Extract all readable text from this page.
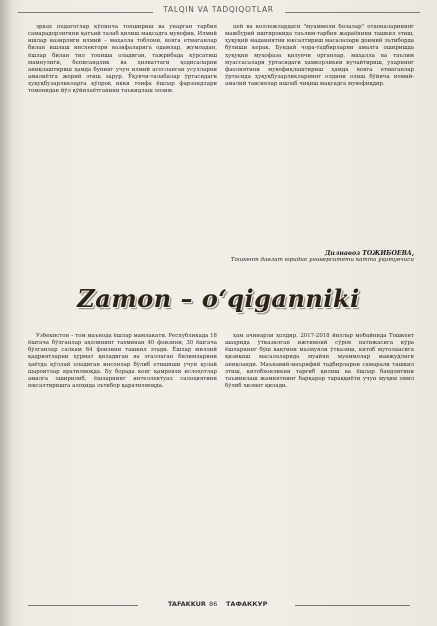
TALQIN VA TADQIQOTLAR

эрках педагоглар кўпинча топшириш ва унарган тарбия самарадорлигини қатъий талаб қилиш мақсадга мувофиқ. Илмий ишлар вазирлиги илмий – маҳалла тоблони, вояга етмаганлар билан ишлаш инспектори вазифаларига одамлар, жумладан, ёшлар билан тил топиша оладиган, тажрибада кўрсатиш мамнулиги, беписандлик ва ҳилваттаги ҳодисаларни аниқлаштириш ҳамда бунинг учун илмий асосланган усулларни амалиётга жорий этиш зарур. Ўқувчи-талабалар ўртасидаги ҳуқуқбузарликларга қўпроқ икки тоифа ёшлар фарзандлари томонидан йўл қўйилаётганини таъкидлаш лозим.

цей ва коллежлардаги "муаммоли болалар" отаоналарининг мажбурий иштирокида таълим-тарбия жараёнини ташкил этиш, ҳуқуқий маданиятни юксалтириш масалалари доимий эътиборда бўлиши керак. Бундай чора-тадбирларни амалга оширишда ҳуқуқни муҳофаза қилувчи органлар, маҳалла ва таълим муассасалари ўртасидаги ҳамкорликни кучайтириш, уларнинг фаолиятини мувофиқлаштириш ҳамда вояга етмаганлар ўртасида ҳуқуқбузарликларнинг олдини олиш бўйича илмий-амалий тавсиялар ишлаб чиқиш мақсадга мувофиқдир.

Дилнавоз ТОЖИБОЕВА,
Тошкент давлат юридик университети катта ўқитувчиси
Zamon – o‘qiganniki

Ўзбекистон – том маънода ёшлар мамлакати. Республикада 18 ёшгача бўлганлар аҳолининг тахминан 40 фоизини, 30 ёшгача бўлганлар салкам 64 фоизини ташкил этади. Ёшлар миллий қадриятларни ҳурмат қиладиган ва эгаллаган билимларини ҳаётда қўллай оладиган инсонлар бўлиб етишиши учун қулай шароитлар яратилмоқда. Бу борада кенг қамровли ислоҳотлар амалга оширилиб, ёшларнинг интеллектуал салоҳиятини юксалтиришга алоҳида эътибор қаратилмоқда.

ҳам ачинарли ҳолдир. 2017-2018 йиллар мобайнида Тошкент шаҳрида ўтказилган ижтимоий сўров натижасига кўра ёшларнинг бўш вақтини мазмунли ўтказиш, китоб мутолаасига қизиқиш масалаларида муайян муаммолар мавжудлиги аниқланди. Маънавий-маърифий тадбирларни самарали ташкил этиш, китобхонликни тарғиб қилиш ва ёшлар бандлигини таъминлаш жамиятнинг барқарор тараққиёти учун муҳим омил бўлиб хизмат қилади.

TAFAKKUR 86 ТАФАККУР
